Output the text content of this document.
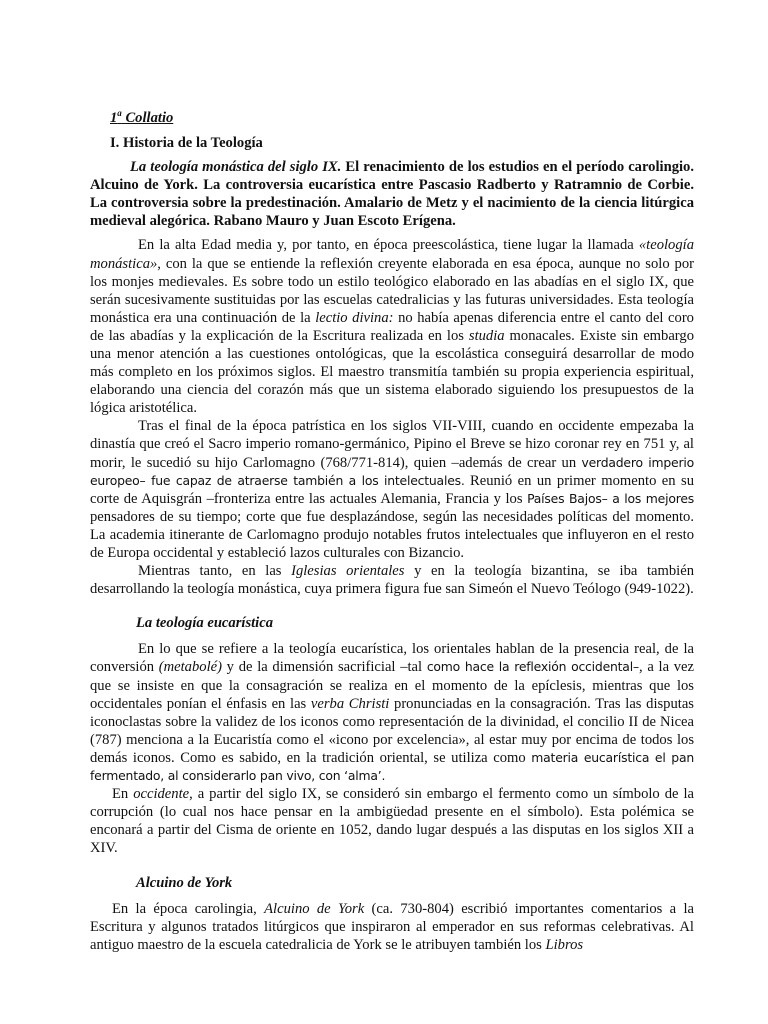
1$^a$ Collatio
I. Historia de la Teología
La teología monástica del siglo IX. El renacimiento de los estudios en el período carolingio. Alcuino de York. La controversia eucarística entre Pascasio Radberto y Ratramnio de Corbie. La controversia sobre la predestinación. Amalario de Metz y el nacimiento de la ciencia litúrgica medieval alegórica. Rabano Mauro y Juan Escoto Erígena.

En la alta Edad media y, por tanto, en época preescolástica, tiene lugar la llamada «teología monástica», con la que se entiende la reflexión creyente elaborada en esa época, aunque no solo por los monjes medievales. Es sobre todo un estilo teológico elaborado en las abadías en el siglo IX, que serán sucesivamente sustituidas por las escuelas catedralicias y las futuras universidades. Esta teología monástica era una continuación de la lectio divina: no había apenas diferencia entre el canto del coro de las abadías y la explicación de la Escritura realizada en los studia monacales. Existe sin embargo una menor atención a las cuestiones ontológicas, que la escolástica conseguirá desarrollar de modo más completo en los próximos siglos. El maestro transmitía también su propia experiencia espiritual, elaborando una ciencia del corazón más que un sistema elaborado siguiendo los presupuestos de la lógica aristotélica.

Tras el final de la época patrística en los siglos VII-VIII, cuando en occidente empezaba la dinastía que creó el Sacro imperio romano-germánico, Pipino el Breve se hizo coronar rey en 751 y, al morir, le sucedió su hijo Carlomagno (768/771-814), quien –además de crear un verdadero imperio europeo– fue capaz de atraerse también a los intelectuales. Reunió en un primer momento en su corte de Aquisgrán –fronteriza entre las actuales Alemania, Francia y los Países Bajos– a los mejores pensadores de su tiempo; corte que fue desplazándose, según las necesidades políticas del momento. La academia itinerante de Carlomagno produjo notables frutos intelectuales que influyeron en el resto de Europa occidental y estableció lazos culturales con Bizancio.

Mientras tanto, en las Iglesias orientales y en la teología bizantina, se iba también desarrollando la teología monástica, cuya primera figura fue san Simeón el Nuevo Teólogo (949-1022).

La teología eucarística

En lo que se refiere a la teología eucarística, los orientales hablan de la presencia real, de la conversión (metabolé) y de la dimensión sacrificial –tal como hace la reflexión occidental–, a la vez que se insiste en que la consagración se realiza en el momento de la epíclesis, mientras que los occidentales ponían el énfasis en las verba Christi pronunciadas en la consagración. Tras las disputas iconoclastas sobre la validez de los iconos como representación de la divinidad, el concilio II de Nicea (787) menciona a la Eucaristía como el «icono por excelencia», al estar muy por encima de todos los demás iconos. Como es sabido, en la tradición oriental, se utiliza como materia eucarística el pan fermentado, al considerarlo pan vivo, con ‘alma’.

En occidente, a partir del siglo IX, se consideró sin embargo el fermento como un símbolo de la corrupción (lo cual nos hace pensar en la ambigüedad presente en el símbolo). Esta polémica se enconará a partir del Cisma de oriente en 1052, dando lugar después a las disputas en los siglos XII a XIV.

Alcuino de York

En la época carolingia, Alcuino de York (ca. 730-804) escribió importantes comentarios a la Escritura y algunos tratados litúrgicos que inspiraron al emperador en sus reformas celebrativas. Al antiguo maestro de la escuela catedralicia de York se le atribuyen también los Libros
